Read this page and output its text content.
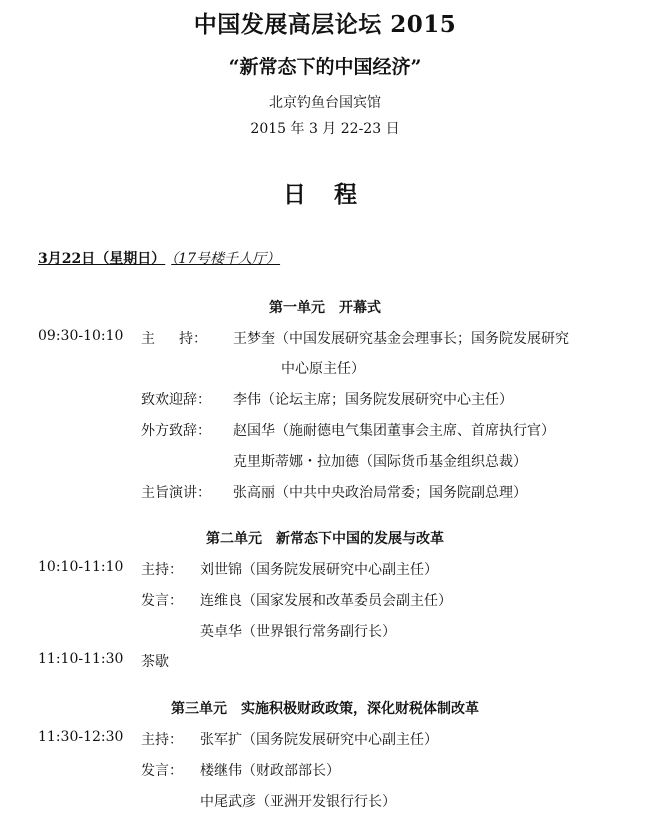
中国发展高层论坛 2015
“新常态下的中国经济”
北京钓鱼台国宾馆
2015 年 3 月 22-23 日
日 程
3月22日（星期日） （17号楼千人厅）
第一单元　开幕式
09:30-10:10 主 持： 王梦奎（中国发展研究基金会理事长；国务院发展研究
中心原主任）
致欢迎辞： 李伟（论坛主席；国务院发展研究中心主任）
外方致辞： 赵国华（施耐德电气集团董事会主席、首席执行官）
克里斯蒂娜・拉加德（国际货币基金组织总裁）
主旨演讲： 张高丽（中共中央政治局常委；国务院副总理）
第二单元　新常态下中国的发展与改革
10:10-11:10 主持： 刘世锦（国务院发展研究中心副主任）
发言： 连维良（国家发展和改革委员会副主任）
英卓华（世界银行常务副行长）
11:10-11:30 茶歇
第三单元　实施积极财政政策，深化财税体制改革
11:30-12:30 主持： 张军扩（国务院发展研究中心副主任）
发言： 楼继伟（财政部部长）
中尾武彦（亚洲开发银行行长）
